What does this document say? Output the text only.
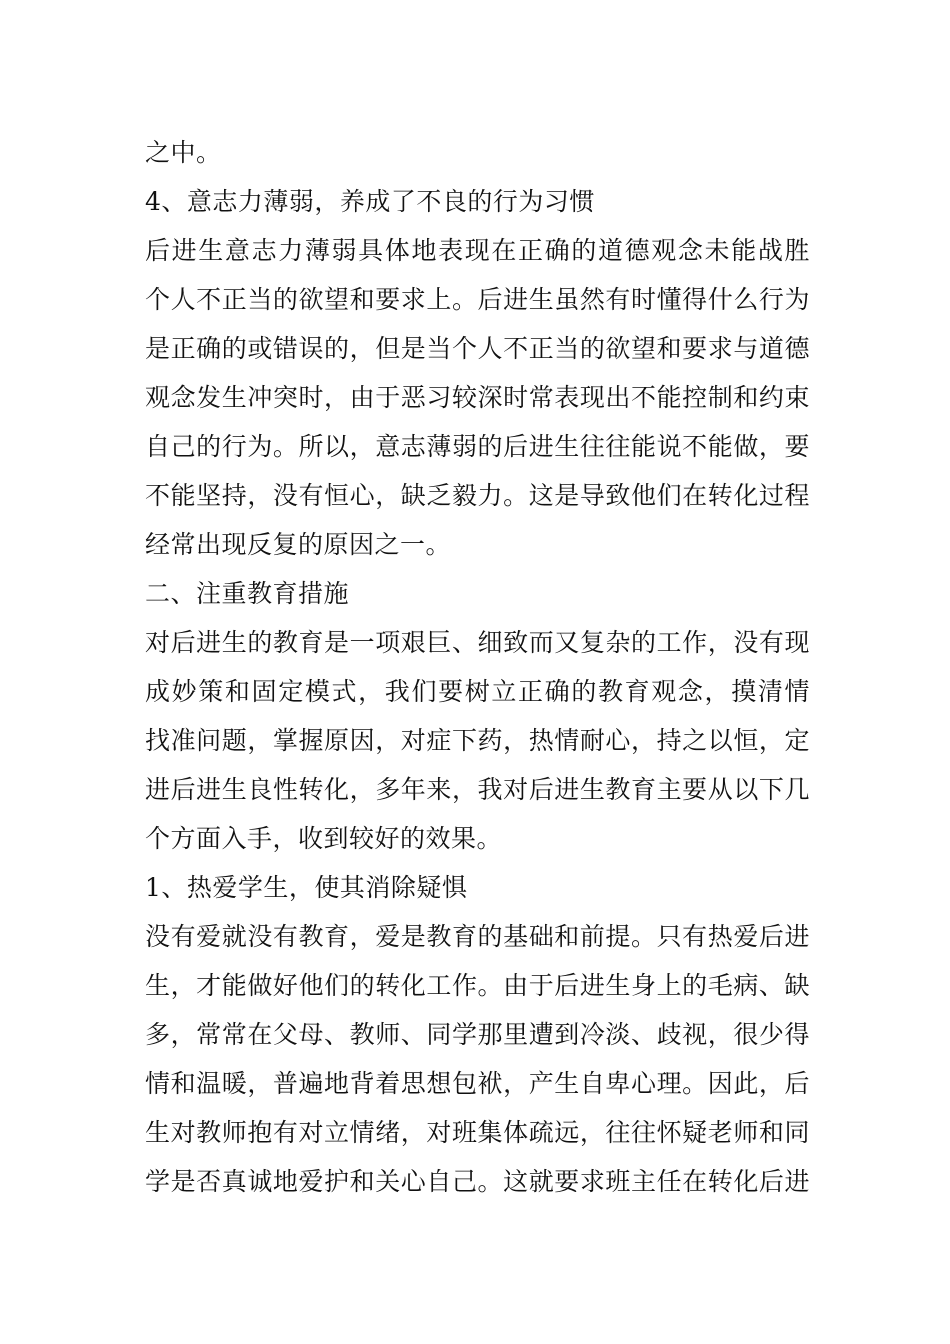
之中。
4、意志力薄弱，养成了不良的行为习惯
后进生意志力薄弱具体地表现在正确的道德观念未能战胜
个人不正当的欲望和要求上。后进生虽然有时懂得什么行为
是正确的或错误的，但是当个人不正当的欲望和要求与道德
观念发生冲突时，由于恶习较深时常表现出不能控制和约束
自己的行为。所以，意志薄弱的后进生往往能说不能做，要
不能坚持，没有恒心，缺乏毅力。这是导致他们在转化过程
经常出现反复的原因之一。
二、注重教育措施
对后进生的教育是一项艰巨、细致而又复杂的工作，没有现
成妙策和固定模式，我们要树立正确的教育观念，摸清情
找准问题，掌握原因，对症下药，热情耐心，持之以恒，定
进后进生良性转化，多年来，我对后进生教育主要从以下几
个方面入手，收到较好的效果。
1、热爱学生，使其消除疑惧
没有爱就没有教育，爱是教育的基础和前提。只有热爱后进
生，才能做好他们的转化工作。由于后进生身上的毛病、缺
多，常常在父母、教师、同学那里遭到冷淡、歧视，很少得
情和温暖，普遍地背着思想包袱，产生自卑心理。因此，后
生对教师抱有对立情绪，对班集体疏远，往往怀疑老师和同
学是否真诚地爱护和关心自己。这就要求班主任在转化后进
